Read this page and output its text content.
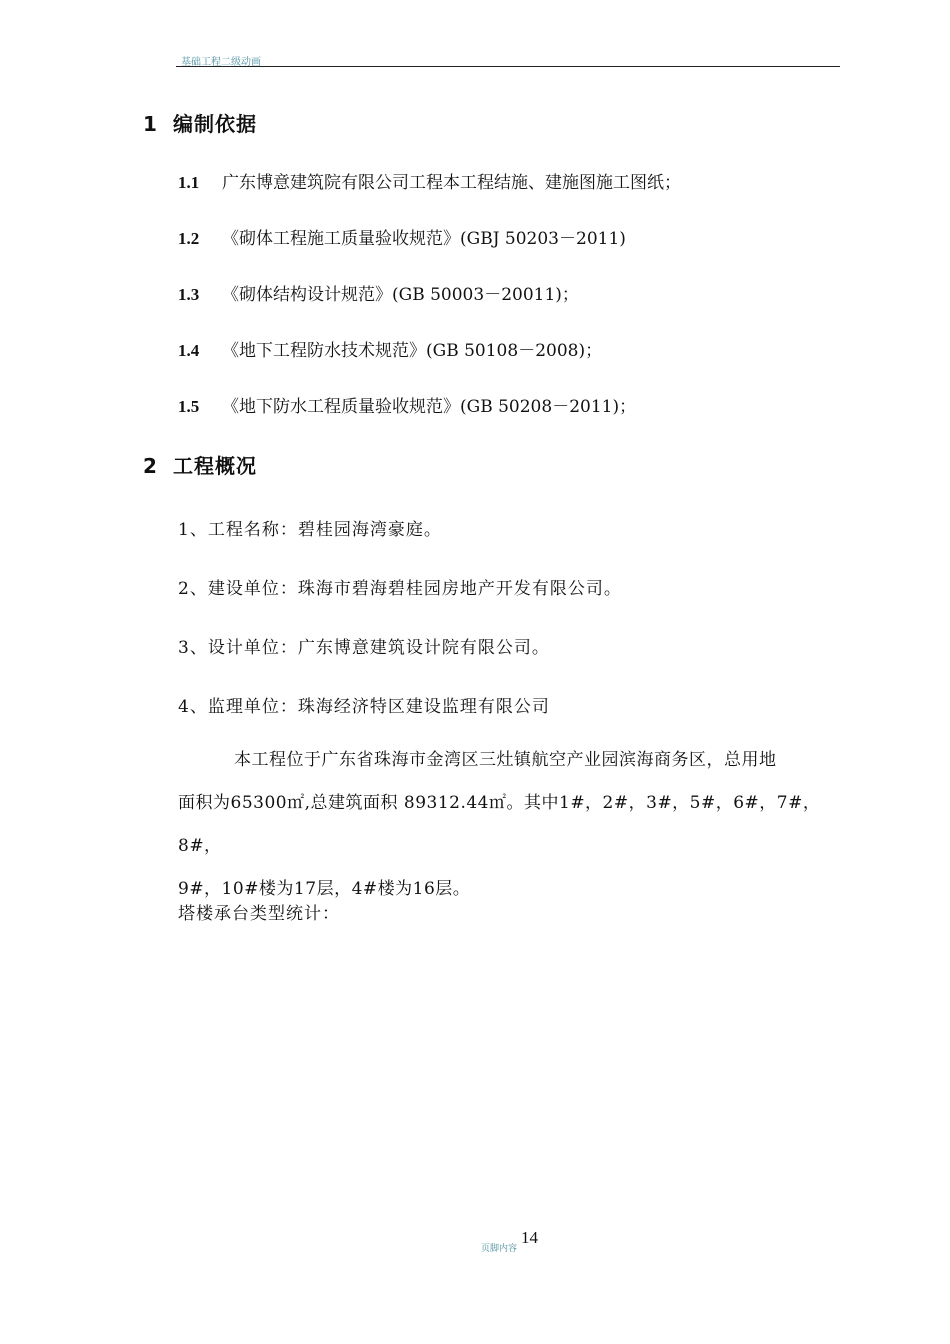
基础工程二级动画
1 编制依据
1.1 广东博意建筑院有限公司工程本工程结施、建施图施工图纸；
1.2 《砌体工程施工质量验收规范》(GBJ 50203－2011)
1.3 《砌体结构设计规范》(GB 50003－20011)；
1.4 《地下工程防水技术规范》(GB 50108－2008)；
1.5 《地下防水工程质量验收规范》(GB 50208－2011)；
2 工程概况
1、工程名称：碧桂园海湾豪庭。
2、建设单位：珠海市碧海碧桂园房地产开发有限公司。
3、设计单位：广东博意建筑设计院有限公司。
4、监理单位：珠海经济特区建设监理有限公司
本工程位于广东省珠海市金湾区三灶镇航空产业园滨海商务区，总用地
面积为65300㎡,总建筑面积 89312.44㎡。其中1#，2#，3#，5#，6#，7#，8#，
9#，10#楼为17层，4#楼为16层。
塔楼承台类型统计：
页脚内容
14
